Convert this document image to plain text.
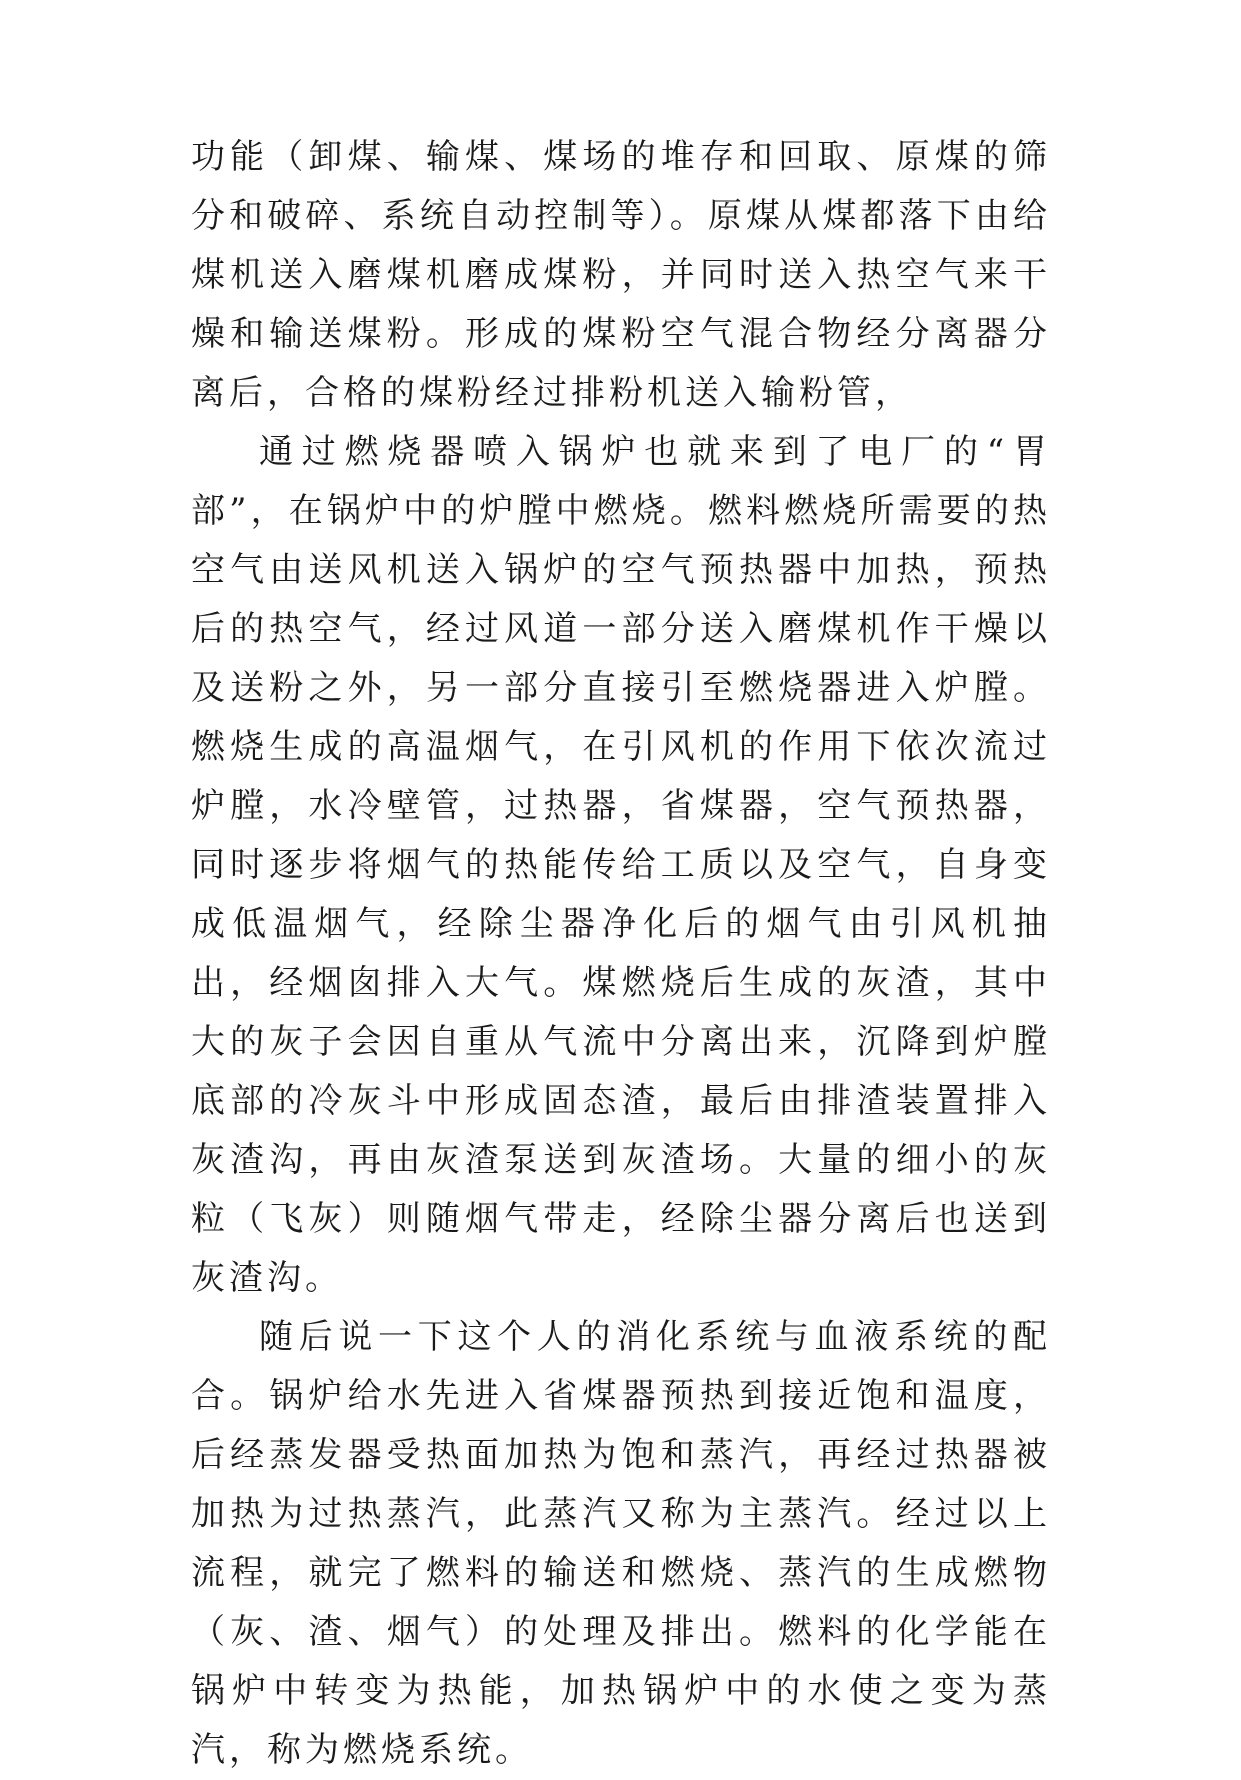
功能（卸煤、输煤、煤场的堆存和回取、原煤的筛分和破碎、系统自动控制等）。原煤从煤都落下由给煤机送入磨煤机磨成煤粉，并同时送入热空气来干燥和输送煤粉。形成的煤粉空气混合物经分离器分离后，合格的煤粉经过排粉机送入输粉管，

通过燃烧器喷入锅炉也就来到了电厂的“胃部”，在锅炉中的炉膛中燃烧。燃料燃烧所需要的热空气由送风机送入锅炉的空气预热器中加热，预热后的热空气，经过风道一部分送入磨煤机作干燥以及送粉之外，另一部分直接引至燃烧器进入炉膛。燃烧生成的高温烟气，在引风机的作用下依次流过炉膛，水冷壁管，过热器，省煤器，空气预热器，同时逐步将烟气的热能传给工质以及空气，自身变成低温烟气，经除尘器净化后的烟气由引风机抽出，经烟囱排入大气。煤燃烧后生成的灰渣，其中大的灰子会因自重从气流中分离出来，沉降到炉膛底部的冷灰斗中形成固态渣，最后由排渣装置排入灰渣沟，再由灰渣泵送到灰渣场。大量的细小的灰粒（飞灰）则随烟气带走，经除尘器分离后也送到灰渣沟。

随后说一下这个人的消化系统与血液系统的配合。锅炉给水先进入省煤器预热到接近饱和温度，后经蒸发器受热面加热为饱和蒸汽，再经过热器被加热为过热蒸汽，此蒸汽又称为主蒸汽。经过以上流程，就完了燃料的输送和燃烧、蒸汽的生成燃物（灰、渣、烟气）的处理及排出。燃料的化学能在锅炉中转变为热能，加热锅炉中的水使之变为蒸汽，称为燃烧系统。
